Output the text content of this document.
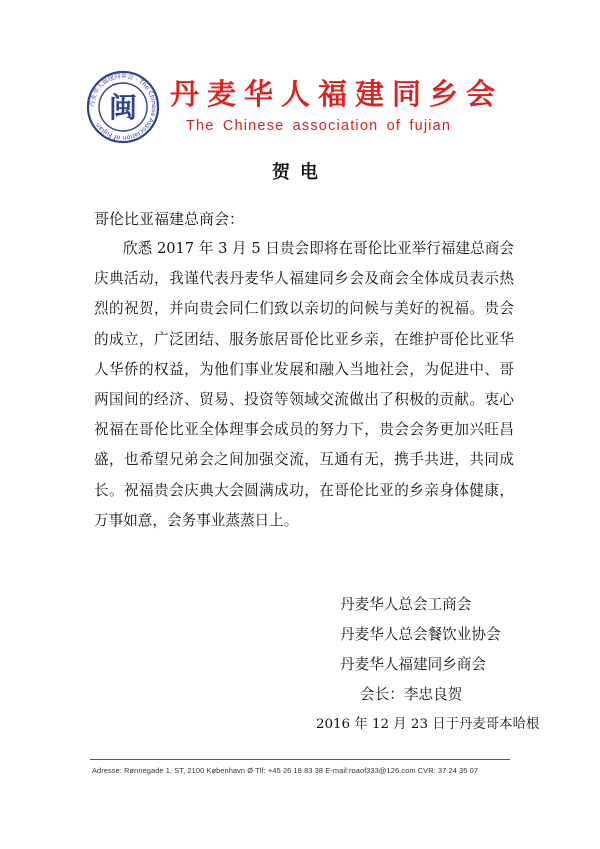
丹麦华人福建同乡会 · The Chinese Association of Fujian
闽 丹麦华人福建同乡会
The Chinese association of fujian
贺电
哥伦比亚福建总商会：

欣悉 2017 年 3 月 5 日贵会即将在哥伦比亚举行福建总商会庆典活动，我谨代表丹麦华人福建同乡会及商会全体成员表示热烈的祝贺，并向贵会同仁们致以亲切的问候与美好的祝福。贵会的成立，广泛团结、服务旅居哥伦比亚乡亲，在维护哥伦比亚华人华侨的权益，为他们事业发展和融入当地社会，为促进中、哥两国间的经济、贸易、投资等领域交流做出了积极的贡献。衷心祝福在哥伦比亚全体理事会成员的努力下，贵会会务更加兴旺昌盛，也希望兄弟会之间加强交流，互通有无，携手共进，共同成长。祝福贵会庆典大会圆满成功，在哥伦比亚的乡亲身体健康，万事如意，会务事业蒸蒸日上。

丹麦华人总会工商会
丹麦华人总会餐饮业协会
丹麦华人福建同乡商会
会长：李忠良贺
2016 年 12 月 23 日于丹麦哥本哈根
Adresse: Rønnegade 1, ST, 2100 København Ø Tlf: +45 26 18 83 38 E-mail:roaof333@126.com CVR: 37 24 35 07
